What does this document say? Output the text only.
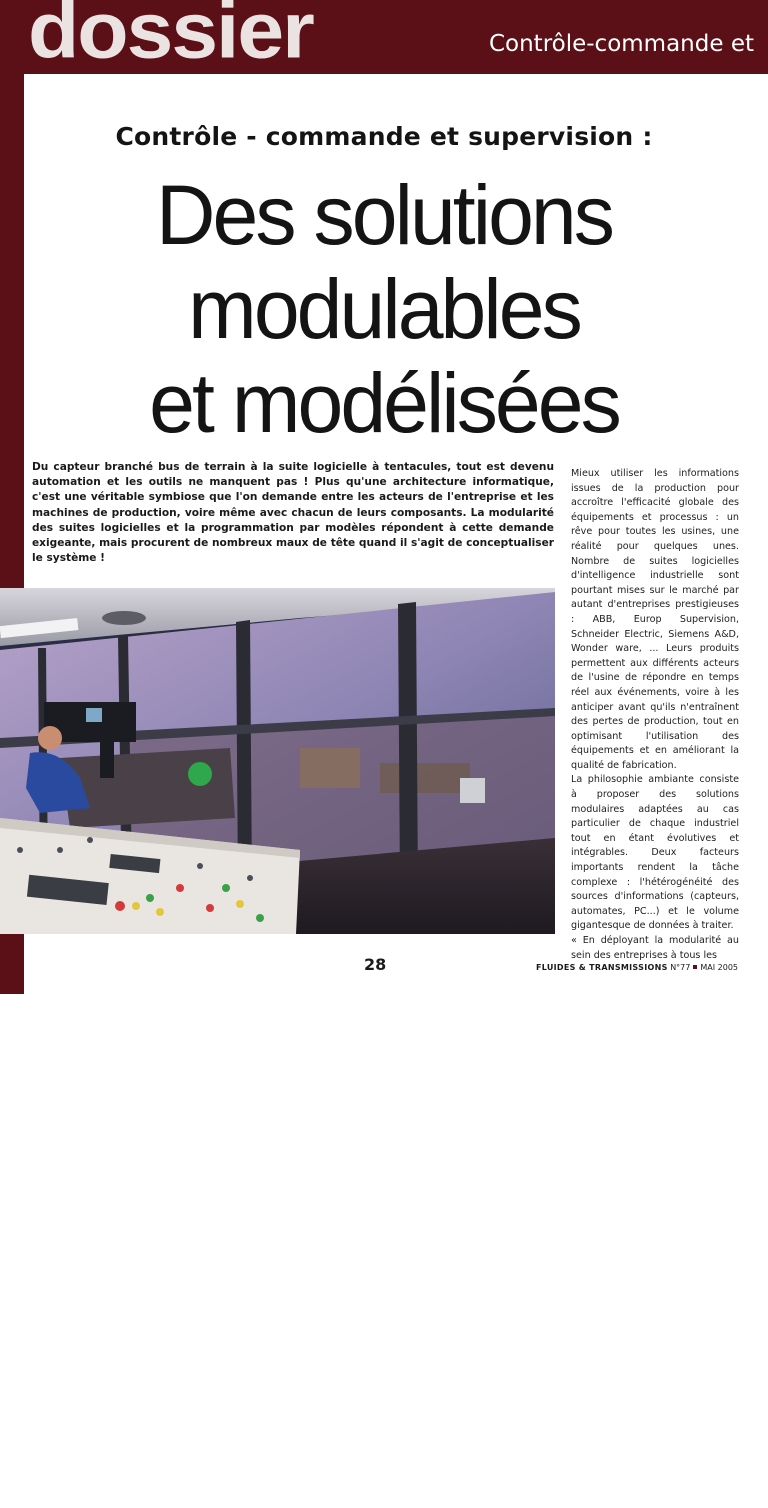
dossier	Contrôle-commande et
Contrôle - commande et supervision :
Des solutions
modulables
et modélisées
Du capteur branché bus de terrain à la suite logicielle à tentacules, tout est devenu automation et les outils ne manquent pas ! Plus qu'une architecture informatique, c'est une véritable symbiose que l'on demande entre les acteurs de l'entreprise et les machines de production, voire même avec chacun de leurs composants. La modularité des suites logicielles et la programmation par modèles répondent à cette demande exigeante, mais procurent de nombreux maux de tête quand il s'agit de conceptualiser le système !

Mieux utiliser les informations issues de la production pour accroître l'efficacité globale des équipements et processus : un rêve pour toutes les usines, une réalité pour quelques unes. Nombre de suites logicielles d'intelligence industrielle sont pourtant mises sur le marché par autant d'entreprises prestigieuses : ABB, Europ Supervision, Schneider Electric, Siemens A&D, Wonder ware, ... Leurs produits permettent aux différents acteurs de l'usine de répondre en temps réel aux événements, voire à les anticiper avant qu'ils n'entraînent des pertes de production, tout en optimisant l'utilisation des équipements et en améliorant la qualité de fabrication.

La philosophie ambiante consiste à proposer des solutions modulaires adaptées au cas particulier de chaque industriel tout en étant évolutives et intégrables. Deux facteurs importants rendent la tâche complexe : l'hétérogénéité des sources d'informations (capteurs, automates, PC...) et le volume gigantesque de données à traiter.

« En déployant la modularité au sein des entreprises à tous les

(PSA Peugeot-Citroën)
28	FLUIDES & TRANSMISSIONS N°77 MAI 2005
